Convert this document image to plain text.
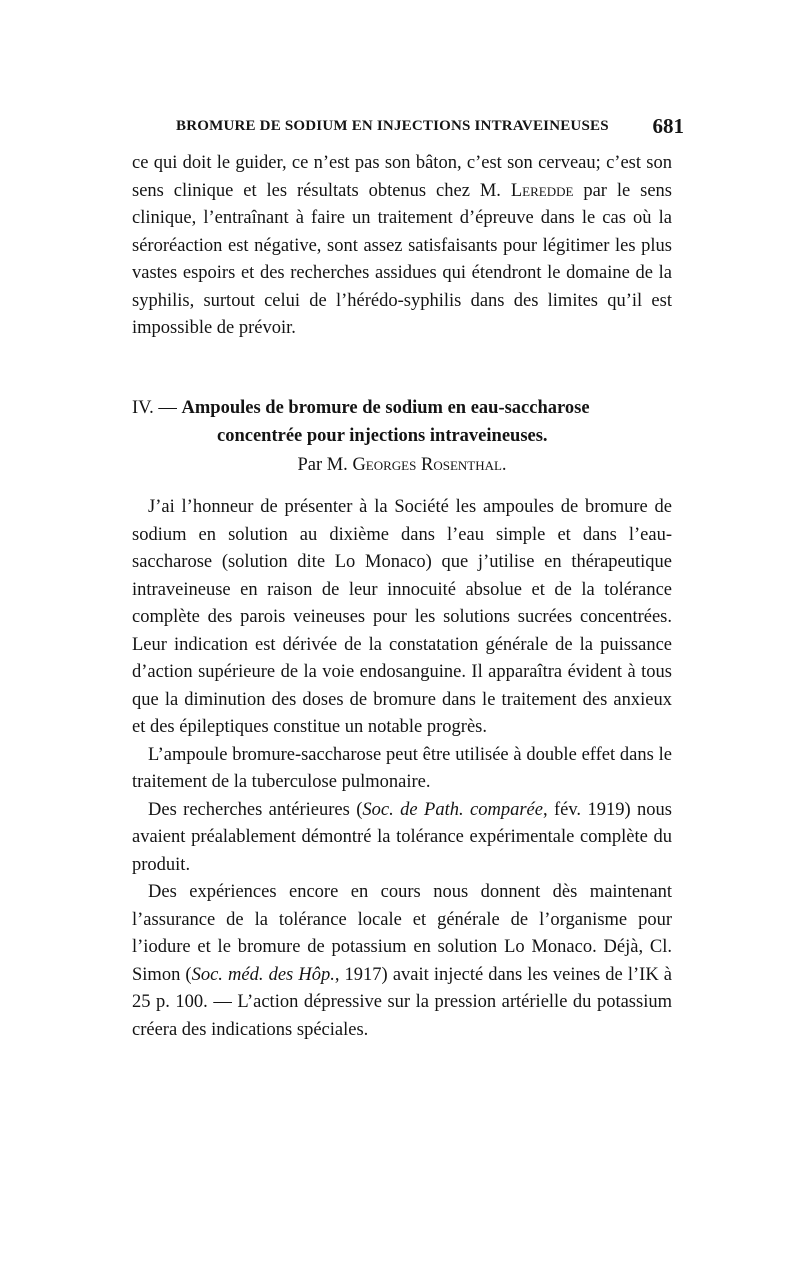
BROMURE DE SODIUM EN INJECTIONS INTRAVEINEUSES 681

ce qui doit le guider, ce n’est pas son bâton, c’est son cerveau; c’est son sens clinique et les résultats obtenus chez M. Leredde par le sens clinique, l’entraînant à faire un traitement d’épreuve dans le cas où la séroréaction est négative, sont assez satisfaisants pour légitimer les plus vastes espoirs et des recherches assidues qui étendront le domaine de la syphilis, surtout celui de l’hérédo-syphilis dans des limites qu’il est impossible de prévoir.

IV. — Ampoules de bromure de sodium en eau-saccharose
concentrée pour injections intraveineuses.
Par M. Georges Rosenthal.

J’ai l’honneur de présenter à la Société les ampoules de bromure de sodium en solution au dixième dans l’eau simple et dans l’eau-saccharose (solution dite Lo Monaco) que j’utilise en thérapeutique intraveineuse en raison de leur innocuité absolue et de la tolérance complète des parois veineuses pour les solutions sucrées concentrées. Leur indication est dérivée de la constatation générale de la puissance d’action supérieure de la voie endosanguine. Il apparaîtra évident à tous que la diminution des doses de bromure dans le traitement des anxieux et des épileptiques constitue un notable progrès.

L’ampoule bromure-saccharose peut être utilisée à double effet dans le traitement de la tuberculose pulmonaire.

Des recherches antérieures (Soc. de Path. comparée, fév. 1919) nous avaient préalablement démontré la tolérance expérimentale complète du produit.

Des expériences encore en cours nous donnent dès maintenant l’assurance de la tolérance locale et générale de l’organisme pour l’iodure et le bromure de potassium en solution Lo Monaco. Déjà, Cl. Simon (Soc. méd. des Hôp., 1917) avait injecté dans les veines de l’IK à 25 p. 100. — L’action dépressive sur la pression artérielle du potassium créera des indications spéciales.
